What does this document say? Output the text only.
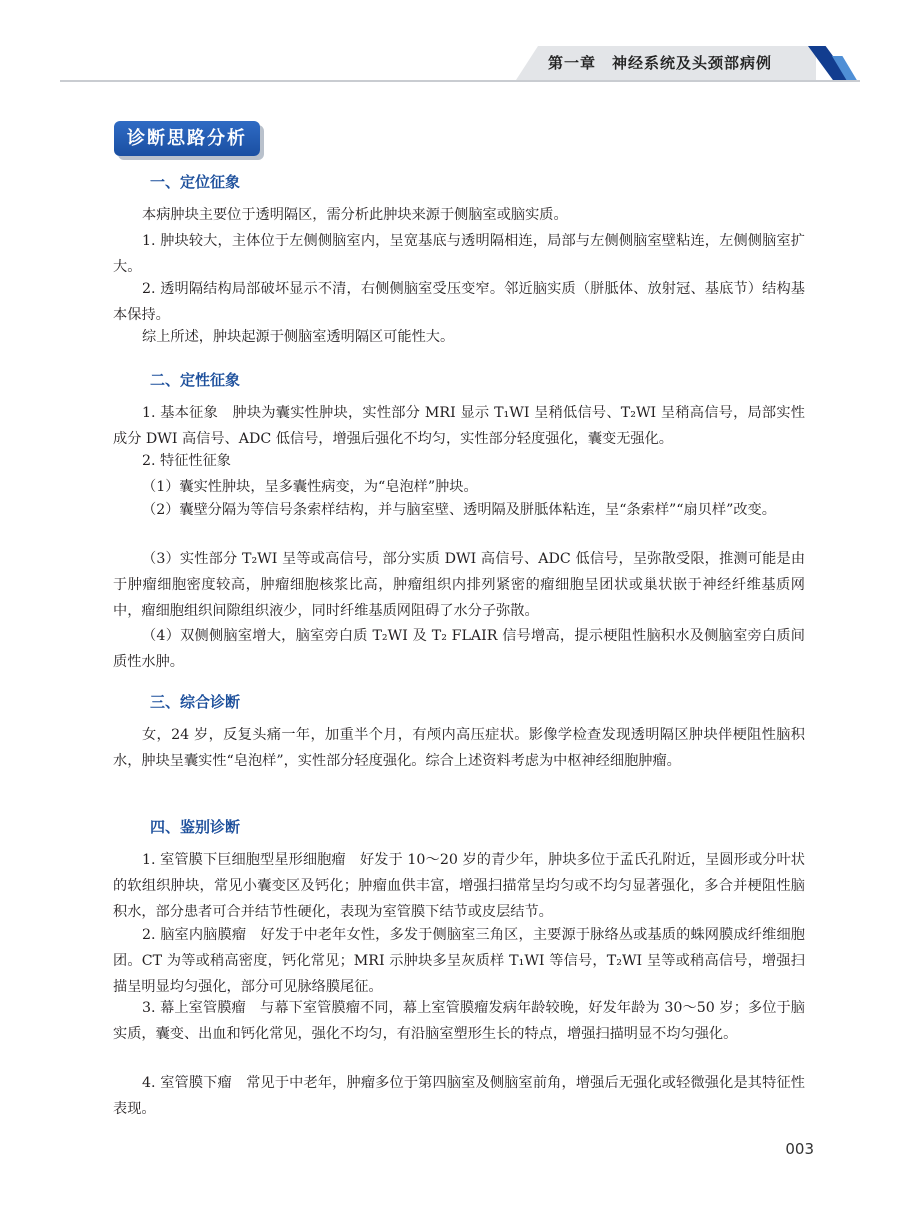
第一章　神经系统及头颈部病例
诊断思路分析
一、定位征象
本病肿块主要位于透明隔区，需分析此肿块来源于侧脑室或脑实质。
1. 肿块较大，主体位于左侧侧脑室内，呈宽基底与透明隔相连，局部与左侧侧脑室壁粘连，左侧侧脑室扩大。
2. 透明隔结构局部破坏显示不清，右侧侧脑室受压变窄。邻近脑实质（胼胝体、放射冠、基底节）结构基本保持。
综上所述，肿块起源于侧脑室透明隔区可能性大。
二、定性征象
1. 基本征象　肿块为囊实性肿块，实性部分 MRI 显示 T₁WI 呈稍低信号、T₂WI 呈稍高信号，局部实性成分 DWI 高信号、ADC 低信号，增强后强化不均匀，实性部分轻度强化，囊变无强化。
2. 特征性征象
（1）囊实性肿块，呈多囊性病变，为“皂泡样”肿块。
（2）囊壁分隔为等信号条索样结构，并与脑室壁、透明隔及胼胝体粘连，呈“条索样”“扇贝样”改变。
（3）实性部分 T₂WI 呈等或高信号，部分实质 DWI 高信号、ADC 低信号，呈弥散受限，推测可能是由于肿瘤细胞密度较高，肿瘤细胞核浆比高，肿瘤组织内排列紧密的瘤细胞呈团状或巢状嵌于神经纤维基质网中，瘤细胞组织间隙组织液少，同时纤维基质网阻碍了水分子弥散。
（4）双侧侧脑室增大，脑室旁白质 T₂WI 及 T₂ FLAIR 信号增高，提示梗阻性脑积水及侧脑室旁白质间质性水肿。
三、综合诊断
女，24 岁，反复头痛一年，加重半个月，有颅内高压症状。影像学检查发现透明隔区肿块伴梗阻性脑积水，肿块呈囊实性“皂泡样”，实性部分轻度强化。综合上述资料考虑为中枢神经细胞肿瘤。
四、鉴别诊断
1. 室管膜下巨细胞型星形细胞瘤　好发于 10～20 岁的青少年，肿块多位于孟氏孔附近，呈圆形或分叶状的软组织肿块，常见小囊变区及钙化；肿瘤血供丰富，增强扫描常呈均匀或不均匀显著强化，多合并梗阻性脑积水，部分患者可合并结节性硬化，表现为室管膜下结节或皮层结节。
2. 脑室内脑膜瘤　好发于中老年女性，多发于侧脑室三角区，主要源于脉络丛或基质的蛛网膜成纤维细胞团。CT 为等或稍高密度，钙化常见；MRI 示肿块多呈灰质样 T₁WI 等信号，T₂WI 呈等或稍高信号，增强扫描呈明显均匀强化，部分可见脉络膜尾征。
3. 幕上室管膜瘤　与幕下室管膜瘤不同，幕上室管膜瘤发病年龄较晚，好发年龄为 30～50 岁；多位于脑实质，囊变、出血和钙化常见，强化不均匀，有沿脑室塑形生长的特点，增强扫描明显不均匀强化。
4. 室管膜下瘤　常见于中老年，肿瘤多位于第四脑室及侧脑室前角，增强后无强化或轻微强化是其特征性表现。
003
